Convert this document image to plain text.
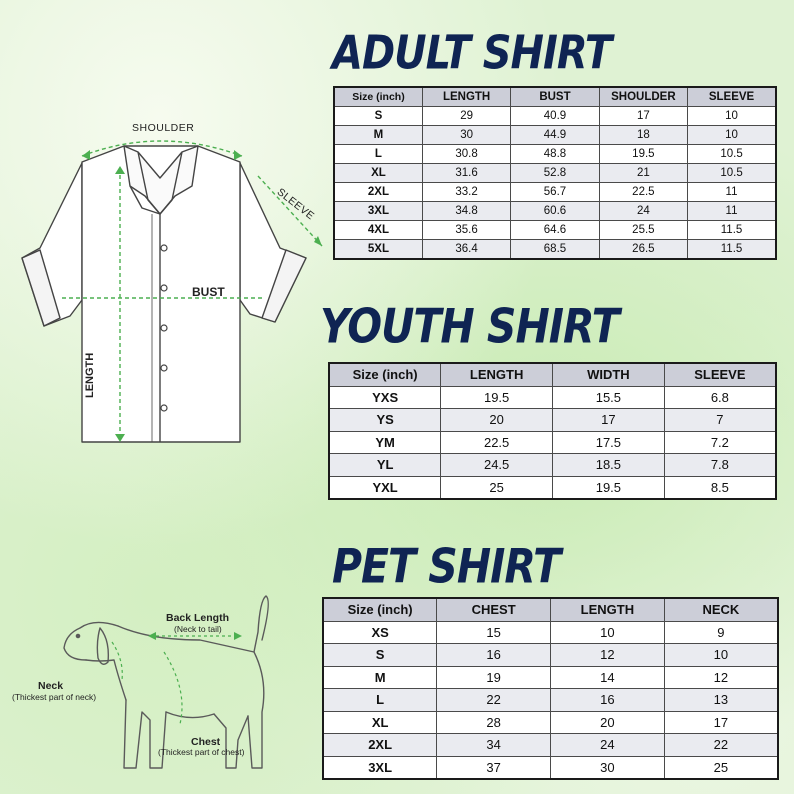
ADULT SHIRT
YOUTH SHIRT
PET SHIRT
Size (inch)	LENGTH	BUST	SHOULDER	SLEEVE
S	29	40.9	17	10
M	30	44.9	18	10
L	30.8	48.8	19.5	10.5
XL	31.6	52.8	21	10.5
2XL	33.2	56.7	22.5	11
3XL	34.8	60.6	24	11
4XL	35.6	64.6	25.5	11.5
5XL	36.4	68.5	26.5	11.5
Size (inch)	LENGTH	WIDTH	SLEEVE
YXS	19.5	15.5	6.8
YS	20	17	7
YM	22.5	17.5	7.2
YL	24.5	18.5	7.8
YXL	25	19.5	8.5
Size (inch)	CHEST	LENGTH	NECK
XS	15	10	9
S	16	12	10
M	19	14	12
L	22	16	13
XL	28	20	17
2XL	34	24	22
3XL	37	30	25

SHOULDER

SLEEVE

BUST

LENGTH

Back Length

(Neck to tail)

Neck

(Thickest part of neck)

Chest

(Thickest part of chest)
